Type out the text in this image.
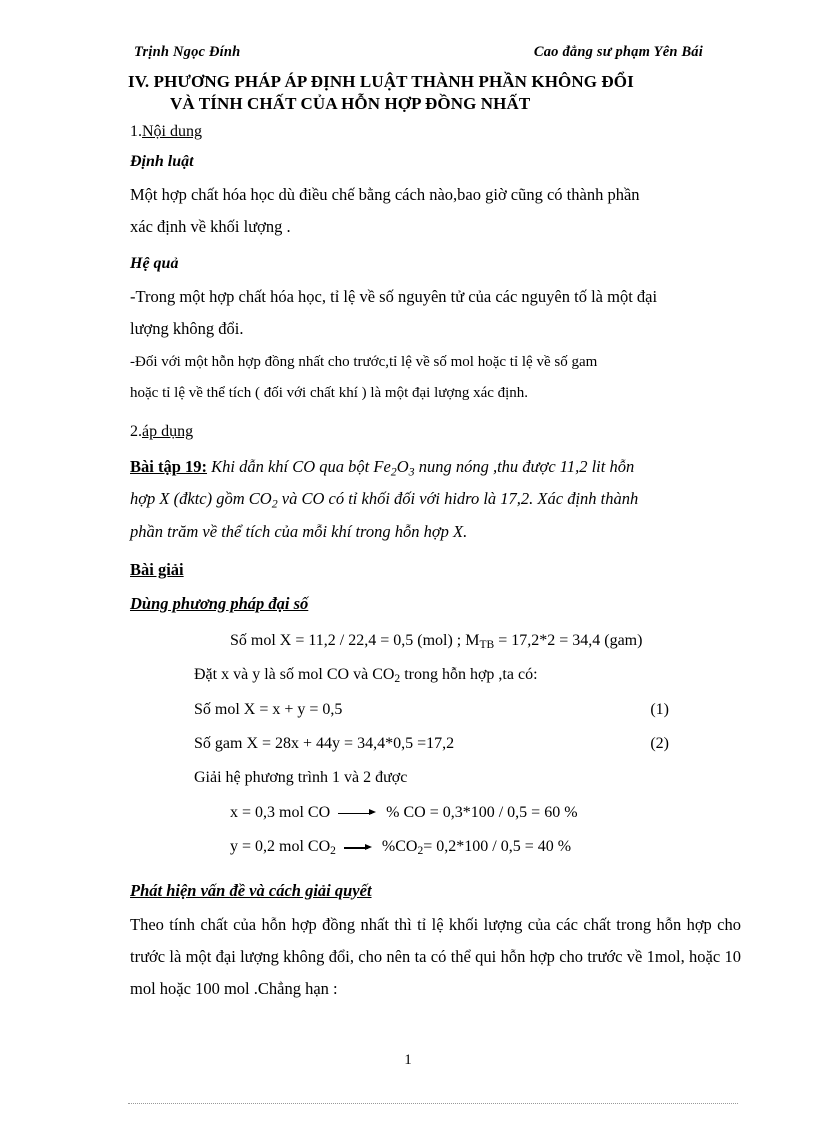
Trịnh Ngọc Đính	Cao đẳng sư phạm Yên Bái
IV. PHƯƠNG PHÁP ÁP ĐỊNH LUẬT THÀNH PHẦN KHÔNG ĐỔI
VÀ TÍNH CHẤT CỦA HỖN HỢP ĐỒNG NHẤT
1.Nội dung
Định luật

Một hợp chất hóa học dù điều chế bằng cách nào,bao giờ cũng có thành phần
xác định về khối lượng .

Hệ quả

-Trong một hợp chất hóa học, tỉ lệ về số nguyên tử của các nguyên tố là một đại
lượng không đổi.

-Đối với một hỗn hợp đồng nhất cho trước,tỉ lệ về số mol hoặc tỉ lệ về số gam
hoặc tỉ lệ về thể tích ( đối với chất khí ) là một đại lượng xác định.

2.áp dụng

Bài tập 19: Khi dẫn khí CO qua bột $Fe_2O_3$ nung nóng ,thu được 11,2 lit hỗn
hợp X (đktc) gồm $CO_2$ và CO có tỉ khối đối với hidro là 17,2. Xác định thành
phần trăm về thể tích của mỗi khí trong hỗn hợp X.

Bài giải
Dùng phương pháp đại số
Số mol X = 11,2 / 22,4 = 0,5 (mol) ; $M_{TB} = 17,2*2 = 34,4$ (gam)
Đặt x và y là số mol CO và $CO_2$ trong hỗn hợp ,ta có:
Số mol X = x + y = 0,5	(1)
Số gam X = 28x + 44y = 34,4*0,5 =17,2	(2)
Giải hệ phương trình 1 và 2 được
x = 0,3 mol CO	% CO = 0,3*100 / 0,5 = 60 %
y = 0,2 mol $CO_2$	$\%CO_2= 0,2*100 / 0,5 = 40$ %
Phát hiện vấn đề và cách giải quyết

Theo tính chất của hỗn hợp đồng nhất thì tỉ lệ khối lượng của các chất trong hỗn hợp cho trước là một đại lượng không đổi, cho nên ta có thể qui hỗn hợp cho trước về 1mol, hoặc 10 mol hoặc 100 mol .Chẳng hạn :

1
